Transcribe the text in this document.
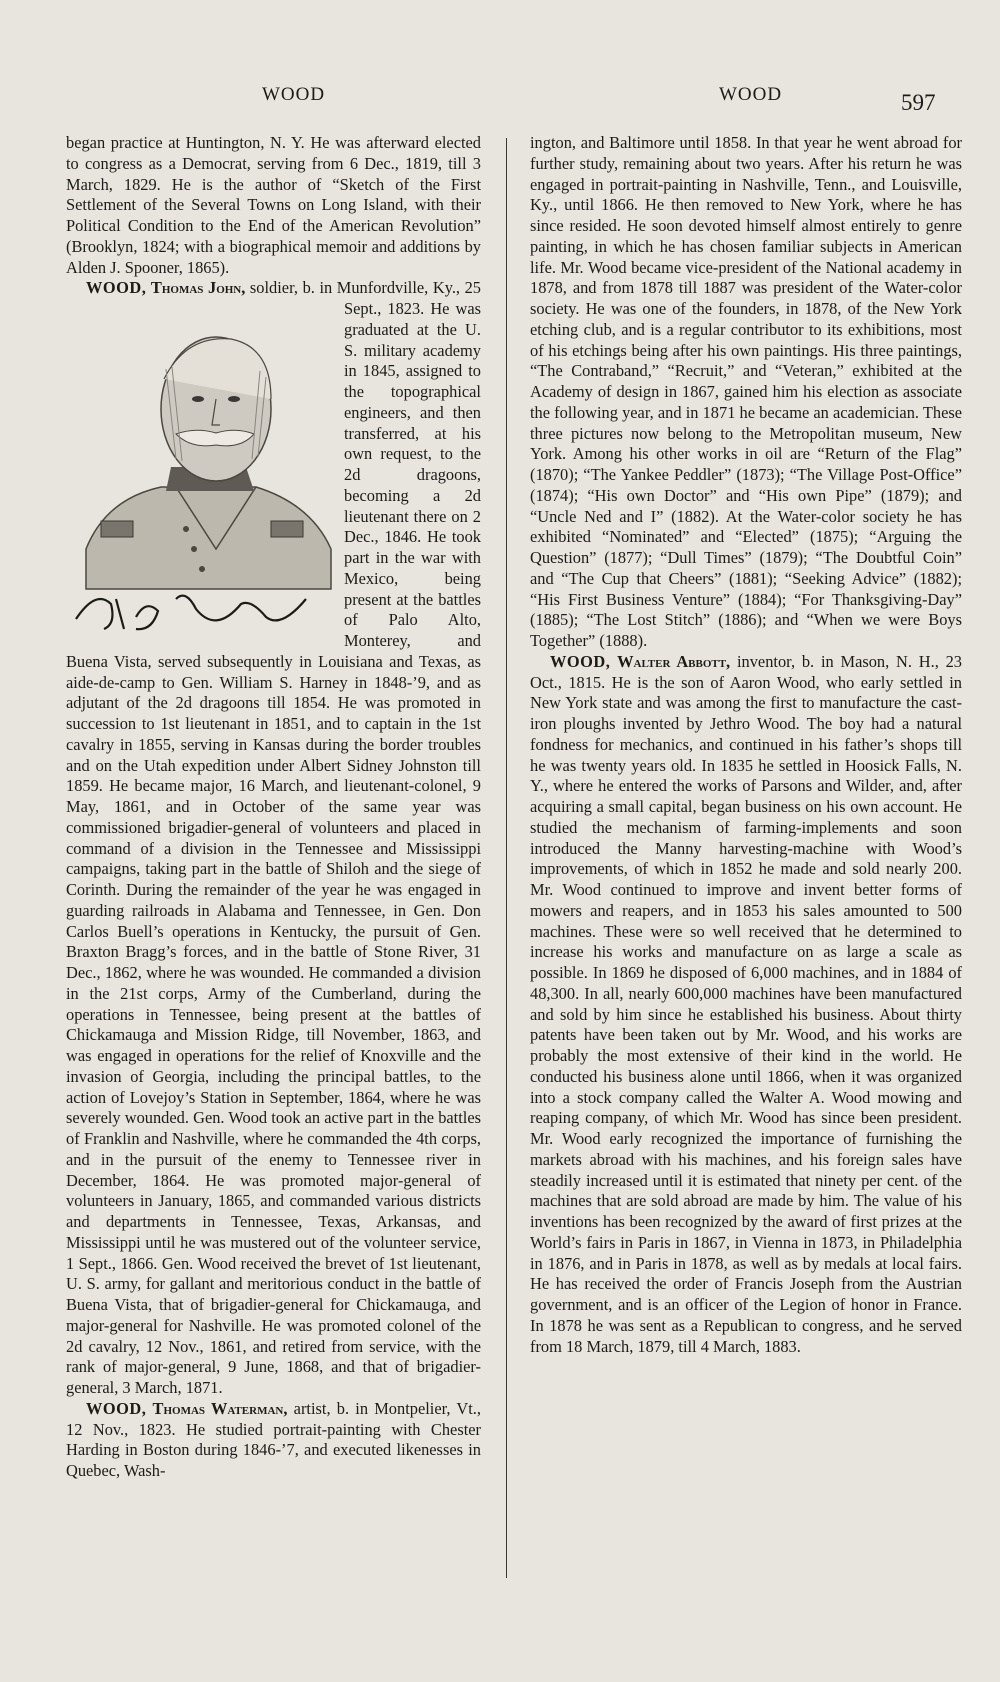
WOOD	WOOD	597

began practice at Huntington, N. Y. He was afterward elected to congress as a Democrat, serving from 6 Dec., 1819, till 3 March, 1829. He is the author of “Sketch of the First Settlement of the Several Towns on Long Island, with their Political Condition to the End of the American Revolution” (Brooklyn, 1824; with a biographical memoir and additions by Alden J. Spooner, 1865).

WOOD, Thomas John,
soldier, b. in Munfordville, Ky., 25 Sept., 1823. He was graduated at the U. S. military academy in 1845, assigned to the topographical engineers, and then transferred, at his own request, to the 2d dragoons, becoming a 2d lieutenant there on 2 Dec., 1846. He took part in the war with Mexico, being present at the battles of Palo Alto, Monterey, and Buena Vista, served subsequently in Louisiana and Texas, as aide-de-camp to Gen. William S. Harney in 1848-’9, and as adjutant of the 2d dragoons till 1854. He was promoted in succession to 1st lieutenant in 1851, and to captain in the 1st cavalry in 1855, serving in Kansas during the border troubles and on the Utah expedition under Albert Sidney Johnston till 1859. He became major, 16 March, and lieutenant-colonel, 9 May, 1861, and in October of the same year was commissioned brigadier-general of volunteers and placed in command of a division in the Tennessee and Mississippi campaigns, taking part in the battle of Shiloh and the siege of Corinth. During the remainder of the year he was engaged in guarding railroads in Alabama and Tennessee, in Gen. Don Carlos Buell’s operations in Kentucky, the pursuit of Gen. Braxton Bragg’s forces, and in the battle of Stone River, 31 Dec., 1862, where he was wounded. He commanded a division in the 21st corps, Army of the Cumberland, during the operations in Tennessee, being present at the battles of Chickamauga and Mission Ridge, till November, 1863, and was engaged in operations for the relief of Knoxville and the invasion of Georgia, including the principal battles, to the action of Lovejoy’s Station in September, 1864, where he was severely wounded. Gen. Wood took an active part in the battles of Franklin and Nashville, where he commanded the 4th corps, and in the pursuit of the enemy to Tennessee river in December, 1864. He was promoted major-general of volunteers in January, 1865, and commanded various districts and departments in Tennessee, Texas, Arkansas, and Mississippi until he was mustered out of the volunteer service, 1 Sept., 1866. Gen. Wood received the brevet of 1st lieutenant, U. S. army, for gallant and meritorious conduct in the battle of Buena Vista, that of brigadier-general for Chickamauga, and major-general for Nashville. He was promoted colonel of the 2d cavalry, 12 Nov., 1861, and retired from service, with the rank of major-general, 9 June, 1868, and that of brigadier-general, 3 March, 1871.

WOOD, Thomas Waterman, artist, b. in Montpelier, Vt., 12 Nov., 1823. He studied portrait-painting with Chester Harding in Boston during 1846-’7, and executed likenesses in Quebec, Wash-

ington, and Baltimore until 1858. In that year he went abroad for further study, remaining about two years. After his return he was engaged in portrait-painting in Nashville, Tenn., and Louisville, Ky., until 1866. He then removed to New York, where he has since resided. He soon devoted himself almost entirely to genre painting, in which he has chosen familiar subjects in American life. Mr. Wood became vice-president of the National academy in 1878, and from 1878 till 1887 was president of the Water-color society. He was one of the founders, in 1878, of the New York etching club, and is a regular contributor to its exhibitions, most of his etchings being after his own paintings. His three paintings, “The Contraband,” “Recruit,” and “Veteran,” exhibited at the Academy of design in 1867, gained him his election as associate the following year, and in 1871 he became an academician. These three pictures now belong to the Metropolitan museum, New York. Among his other works in oil are “Return of the Flag” (1870); “The Yankee Peddler” (1873); “The Village Post-Office” (1874); “His own Doctor” and “His own Pipe” (1879); and “Uncle Ned and I” (1882). At the Water-color society he has exhibited “Nominated” and “Elected” (1875); “Arguing the Question” (1877); “Dull Times” (1879); “The Doubtful Coin” and “The Cup that Cheers” (1881); “Seeking Advice” (1882); “His First Business Venture” (1884); “For Thanksgiving-Day” (1885); “The Lost Stitch” (1886); and “When we were Boys Together” (1888).

WOOD, Walter Abbott, inventor, b. in Mason, N. H., 23 Oct., 1815. He is the son of Aaron Wood, who early settled in New York state and was among the first to manufacture the cast-iron ploughs invented by Jethro Wood. The boy had a natural fondness for mechanics, and continued in his father’s shops till he was twenty years old. In 1835 he settled in Hoosick Falls, N. Y., where he entered the works of Parsons and Wilder, and, after acquiring a small capital, began business on his own account. He studied the mechanism of farming-implements and soon introduced the Manny harvesting-machine with Wood’s improvements, of which in 1852 he made and sold nearly 200. Mr. Wood continued to improve and invent better forms of mowers and reapers, and in 1853 his sales amounted to 500 machines. These were so well received that he determined to increase his works and manufacture on as large a scale as possible. In 1869 he disposed of 6,000 machines, and in 1884 of 48,300. In all, nearly 600,000 machines have been manufactured and sold by him since he established his business. About thirty patents have been taken out by Mr. Wood, and his works are probably the most extensive of their kind in the world. He conducted his business alone until 1866, when it was organized into a stock company called the Walter A. Wood mowing and reaping company, of which Mr. Wood has since been president. Mr. Wood early recognized the importance of furnishing the markets abroad with his machines, and his foreign sales have steadily increased until it is estimated that ninety per cent. of the machines that are sold abroad are made by him. The value of his inventions has been recognized by the award of first prizes at the World’s fairs in Paris in 1867, in Vienna in 1873, in Philadelphia in 1876, and in Paris in 1878, as well as by medals at local fairs. He has received the order of Francis Joseph from the Austrian government, and is an officer of the Legion of honor in France. In 1878 he was sent as a Republican to congress, and he served from 18 March, 1879, till 4 March, 1883.
